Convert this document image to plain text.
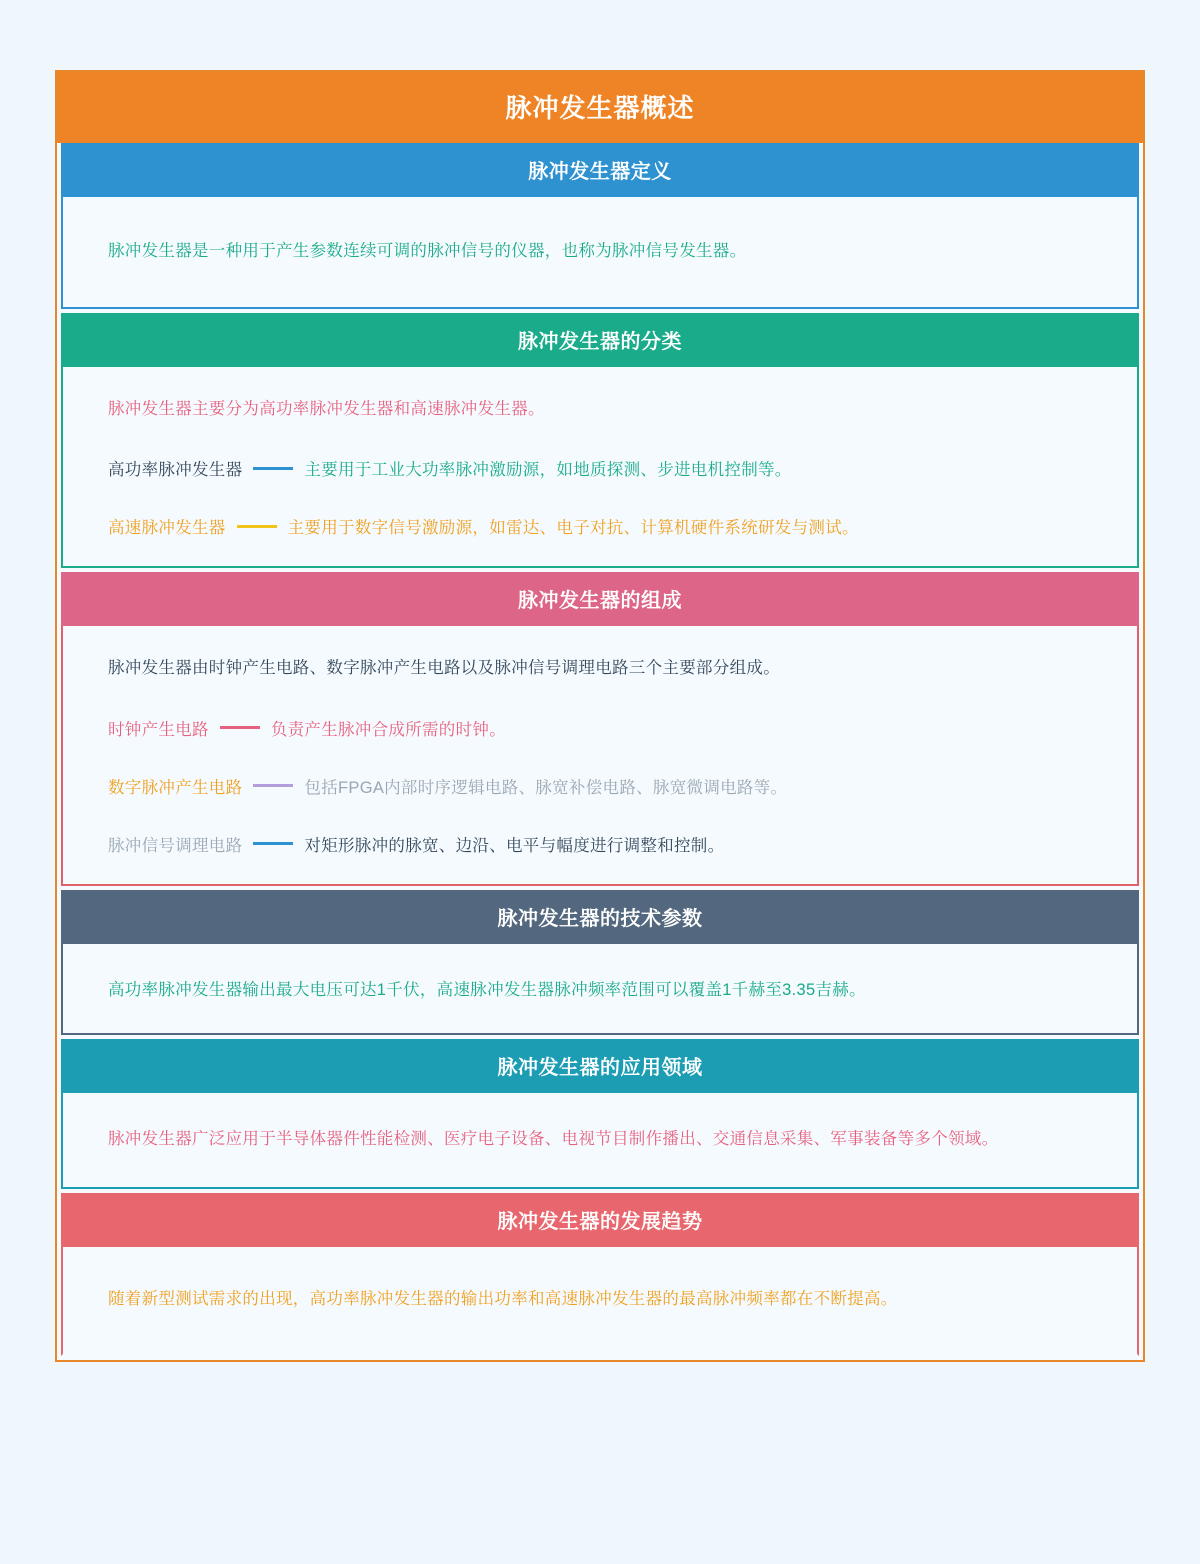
脉冲发生器概述
脉冲发生器定义

脉冲发生器是一种用于产生参数连续可调的脉冲信号的仪器，也称为脉冲信号发生器。

脉冲发生器的分类

脉冲发生器主要分为高功率脉冲发生器和高速脉冲发生器。

高功率脉冲发生器	主要用于工业大功率脉冲激励源，如地质探测、步进电机控制等。
高速脉冲发生器	主要用于数字信号激励源，如雷达、电子对抗、计算机硬件系统研发与测试。
脉冲发生器的组成

脉冲发生器由时钟产生电路、数字脉冲产生电路以及脉冲信号调理电路三个主要部分组成。

时钟产生电路	负责产生脉冲合成所需的时钟。
数字脉冲产生电路	包括FPGA内部时序逻辑电路、脉宽补偿电路、脉宽微调电路等。
脉冲信号调理电路	对矩形脉冲的脉宽、边沿、电平与幅度进行调整和控制。
脉冲发生器的技术参数

高功率脉冲发生器输出最大电压可达1千伏，高速脉冲发生器脉冲频率范围可以覆盖1千赫至3.35吉赫。

脉冲发生器的应用领域

脉冲发生器广泛应用于半导体器件性能检测、医疗电子设备、电视节目制作播出、交通信息采集、军事装备等多个领域。

脉冲发生器的发展趋势

随着新型测试需求的出现，高功率脉冲发生器的输出功率和高速脉冲发生器的最高脉冲频率都在不断提高。
